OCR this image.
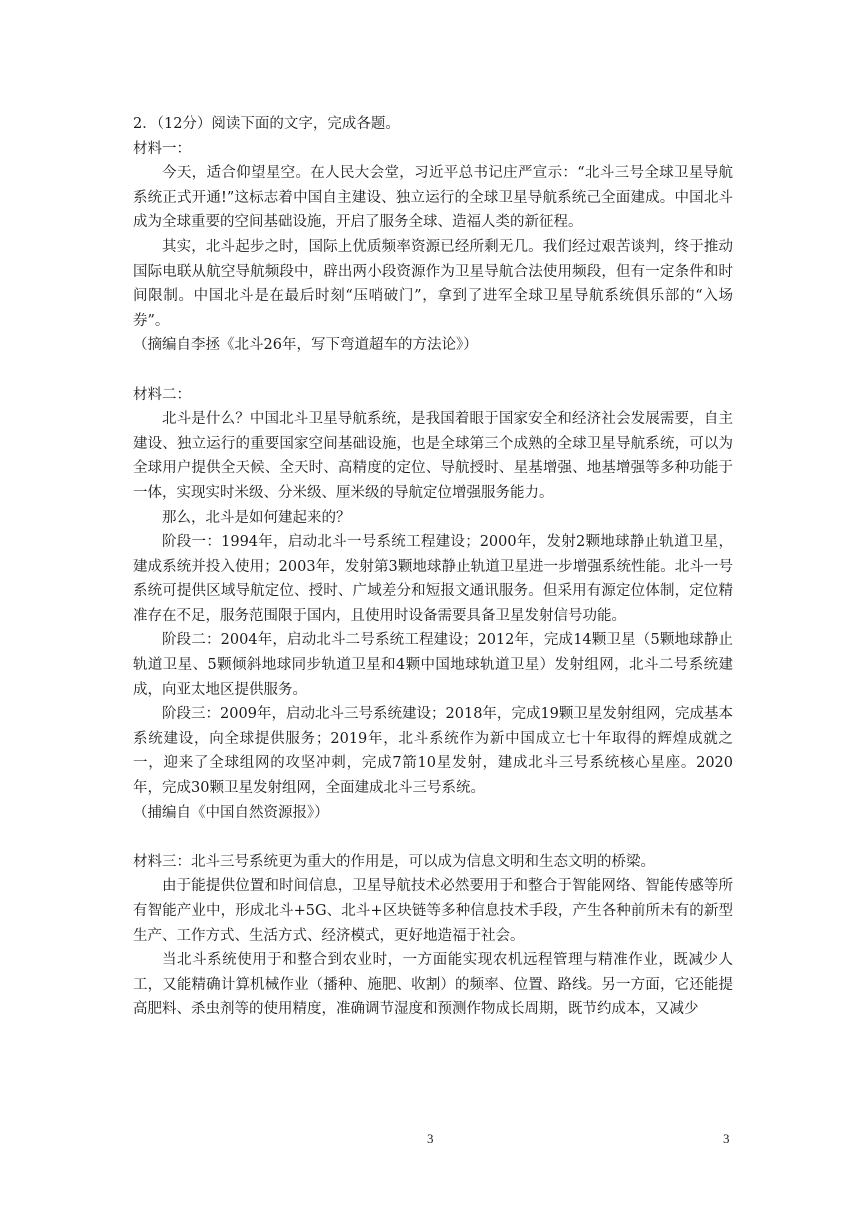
2．（12分）阅读下面的文字，完成各题。

材料一：

今天，适合仰望星空。在人民大会堂，习近平总书记庄严宣示：“北斗三号全球卫星导航系统正式开通!”这标志着中国自主建设、独立运行的全球卫星导航系统己全面建成。中国北斗成为全球重要的空间基础设施，开启了服务全球、造福人类的新征程。

其实，北斗起步之时，国际上优质频率资源已经所剩无几。我们经过艰苦谈判，终于推动国际电联从航空导航频段中，辟出两小段资源作为卫星导航合法使用频段，但有一定条件和时间限制。中国北斗是在最后时刻“压哨破门”，拿到了进军全球卫星导航系统俱乐部的“入场券”。

（摘编自李拯《北斗26年，写下弯道超车的方法论》）

材料二：

北斗是什么？中国北斗卫星导航系统，是我国着眼于国家安全和经济社会发展需要，自主建设、独立运行的重要国家空间基础设施，也是全球第三个成熟的全球卫星导航系统，可以为全球用户提供全天候、全天时、高精度的定位、导航授时、星基增强、地基增强等多种功能于一体，实现实时米级、分米级、厘米级的导航定位增强服务能力。

那么，北斗是如何建起来的？

阶段一：1994年，启动北斗一号系统工程建设；2000年，发射2颗地球静止轨道卫星，建成系统并投入使用；2003年，发射第3颗地球静止轨道卫星进一步增强系统性能。北斗一号系统可提供区域导航定位、授时、广域差分和短报文通讯服务。但采用有源定位体制，定位精准存在不足，服务范围限于国内，且使用时设备需要具备卫星发射信号功能。

阶段二：2004年，启动北斗二号系统工程建设；2012年，完成14颗卫星（5颗地球静止轨道卫星、5颗倾斜地球同步轨道卫星和4颗中国地球轨道卫星）发射组网，北斗二号系统建成，向亚太地区提供服务。

阶段三：2009年，启动北斗三号系统建设；2018年，完成19颗卫星发射组网，完成基本系统建设，向全球提供服务；2019年，北斗系统作为新中国成立七十年取得的辉煌成就之一，迎来了全球组网的攻坚冲刺，完成7箭10星发射，建成北斗三号系统核心星座。2020年，完成30颗卫星发射组网，全面建成北斗三号系统。

（捕编自《中国自然资源报》）

材料三：北斗三号系统更为重大的作用是，可以成为信息文明和生态文明的桥梁。

由于能提供位置和时间信息，卫星导航技术必然要用于和整合于智能网络、智能传感等所有智能产业中，形成北斗+5G、北斗+区块链等多种信息技术手段，产生各种前所未有的新型生产、工作方式、生活方式、经济模式，更好地造福于社会。

当北斗系统使用于和整合到农业时，一方面能实现农机远程管理与精准作业，既减少人工，又能精确计算机械作业（播种、施肥、收割）的频率、位置、路线。另一方面，它还能提高肥料、杀虫剂等的使用精度，准确调节湿度和预测作物成长周期，既节约成本，又减少

3	3
